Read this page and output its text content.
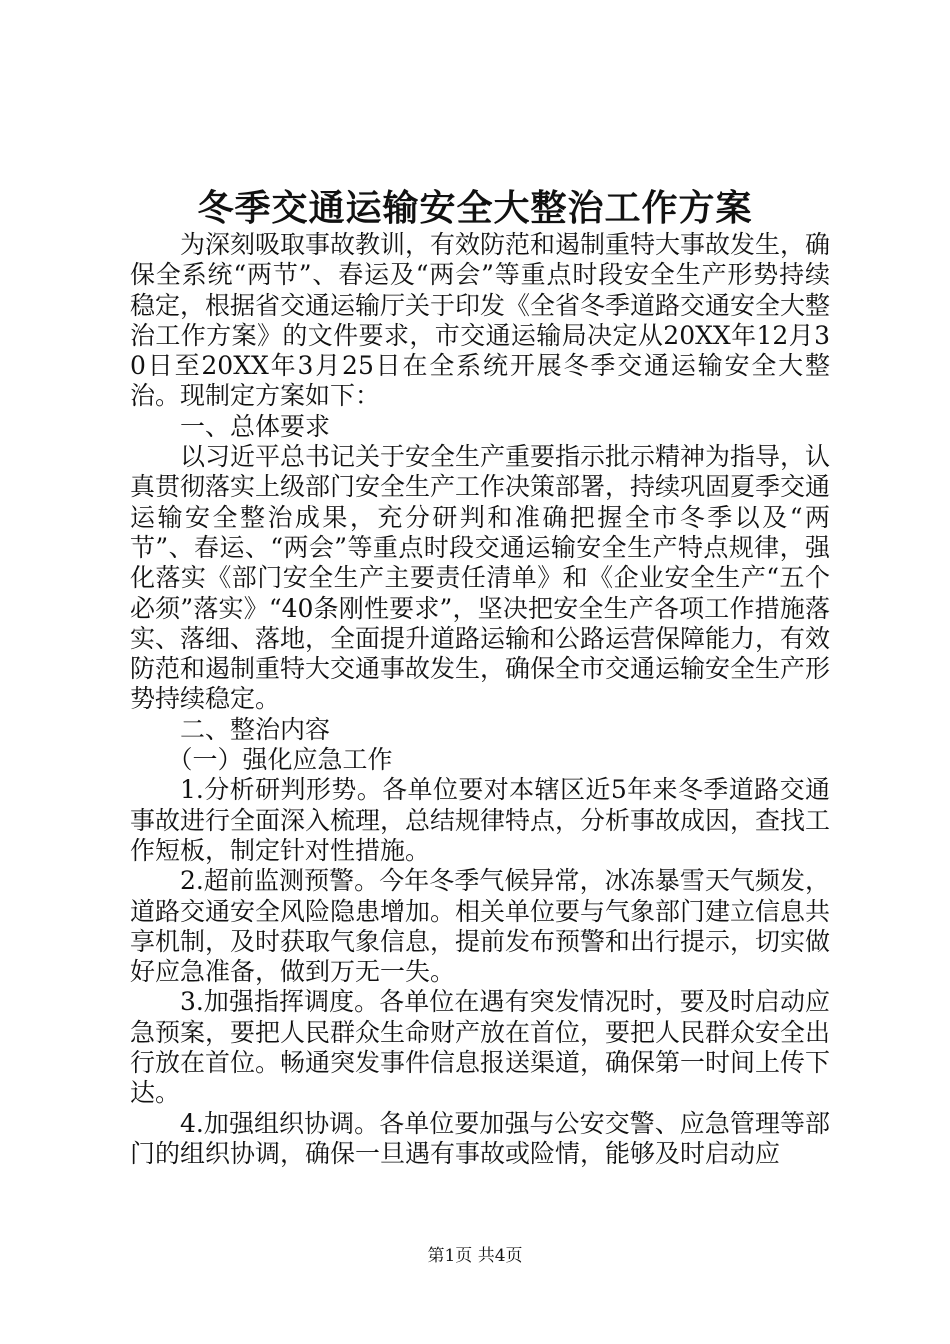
冬季交通运输安全大整治工作方案

为深刻吸取事故教训，有效防范和遏制重特大事故发生，确保全系统“两节”、春运及“两会”等重点时段安全生产形势持续稳定，根据省交通运输厅关于印发《全省冬季道路交通安全大整治工作方案》的文件要求，市交通运输局决定从20XX年12月30日至20XX年3月25日在全系统开展冬季交通运输安全大整治。现制定方案如下：

一、总体要求

以习近平总书记关于安全生产重要指示批示精神为指导，认真贯彻落实上级部门安全生产工作决策部署，持续巩固夏季交通运输安全整治成果，充分研判和准确把握全市冬季以及“两节”、春运、“两会”等重点时段交通运输安全生产特点规律，强化落实《部门安全生产主要责任清单》和《企业安全生产“五个必须”落实》“40条刚性要求”，坚决把安全生产各项工作措施落实、落细、落地，全面提升道路运输和公路运营保障能力，有效防范和遏制重特大交通事故发生，确保全市交通运输安全生产形势持续稳定。

二、整治内容

（一）强化应急工作

1.分析研判形势。各单位要对本辖区近5年来冬季道路交通事故进行全面深入梳理，总结规律特点，分析事故成因，查找工作短板，制定针对性措施。

2.超前监测预警。今年冬季气候异常，冰冻暴雪天气频发，道路交通安全风险隐患增加。相关单位要与气象部门建立信息共享机制，及时获取气象信息，提前发布预警和出行提示，切实做好应急准备，做到万无一失。

3.加强指挥调度。各单位在遇有突发情况时，要及时启动应急预案，要把人民群众生命财产放在首位，要把人民群众安全出行放在首位。畅通突发事件信息报送渠道，确保第一时间上传下达。

4.加强组织协调。各单位要加强与公安交警、应急管理等部门的组织协调，确保一旦遇有事故或险情，能够及时启动应

第1页 共4页
